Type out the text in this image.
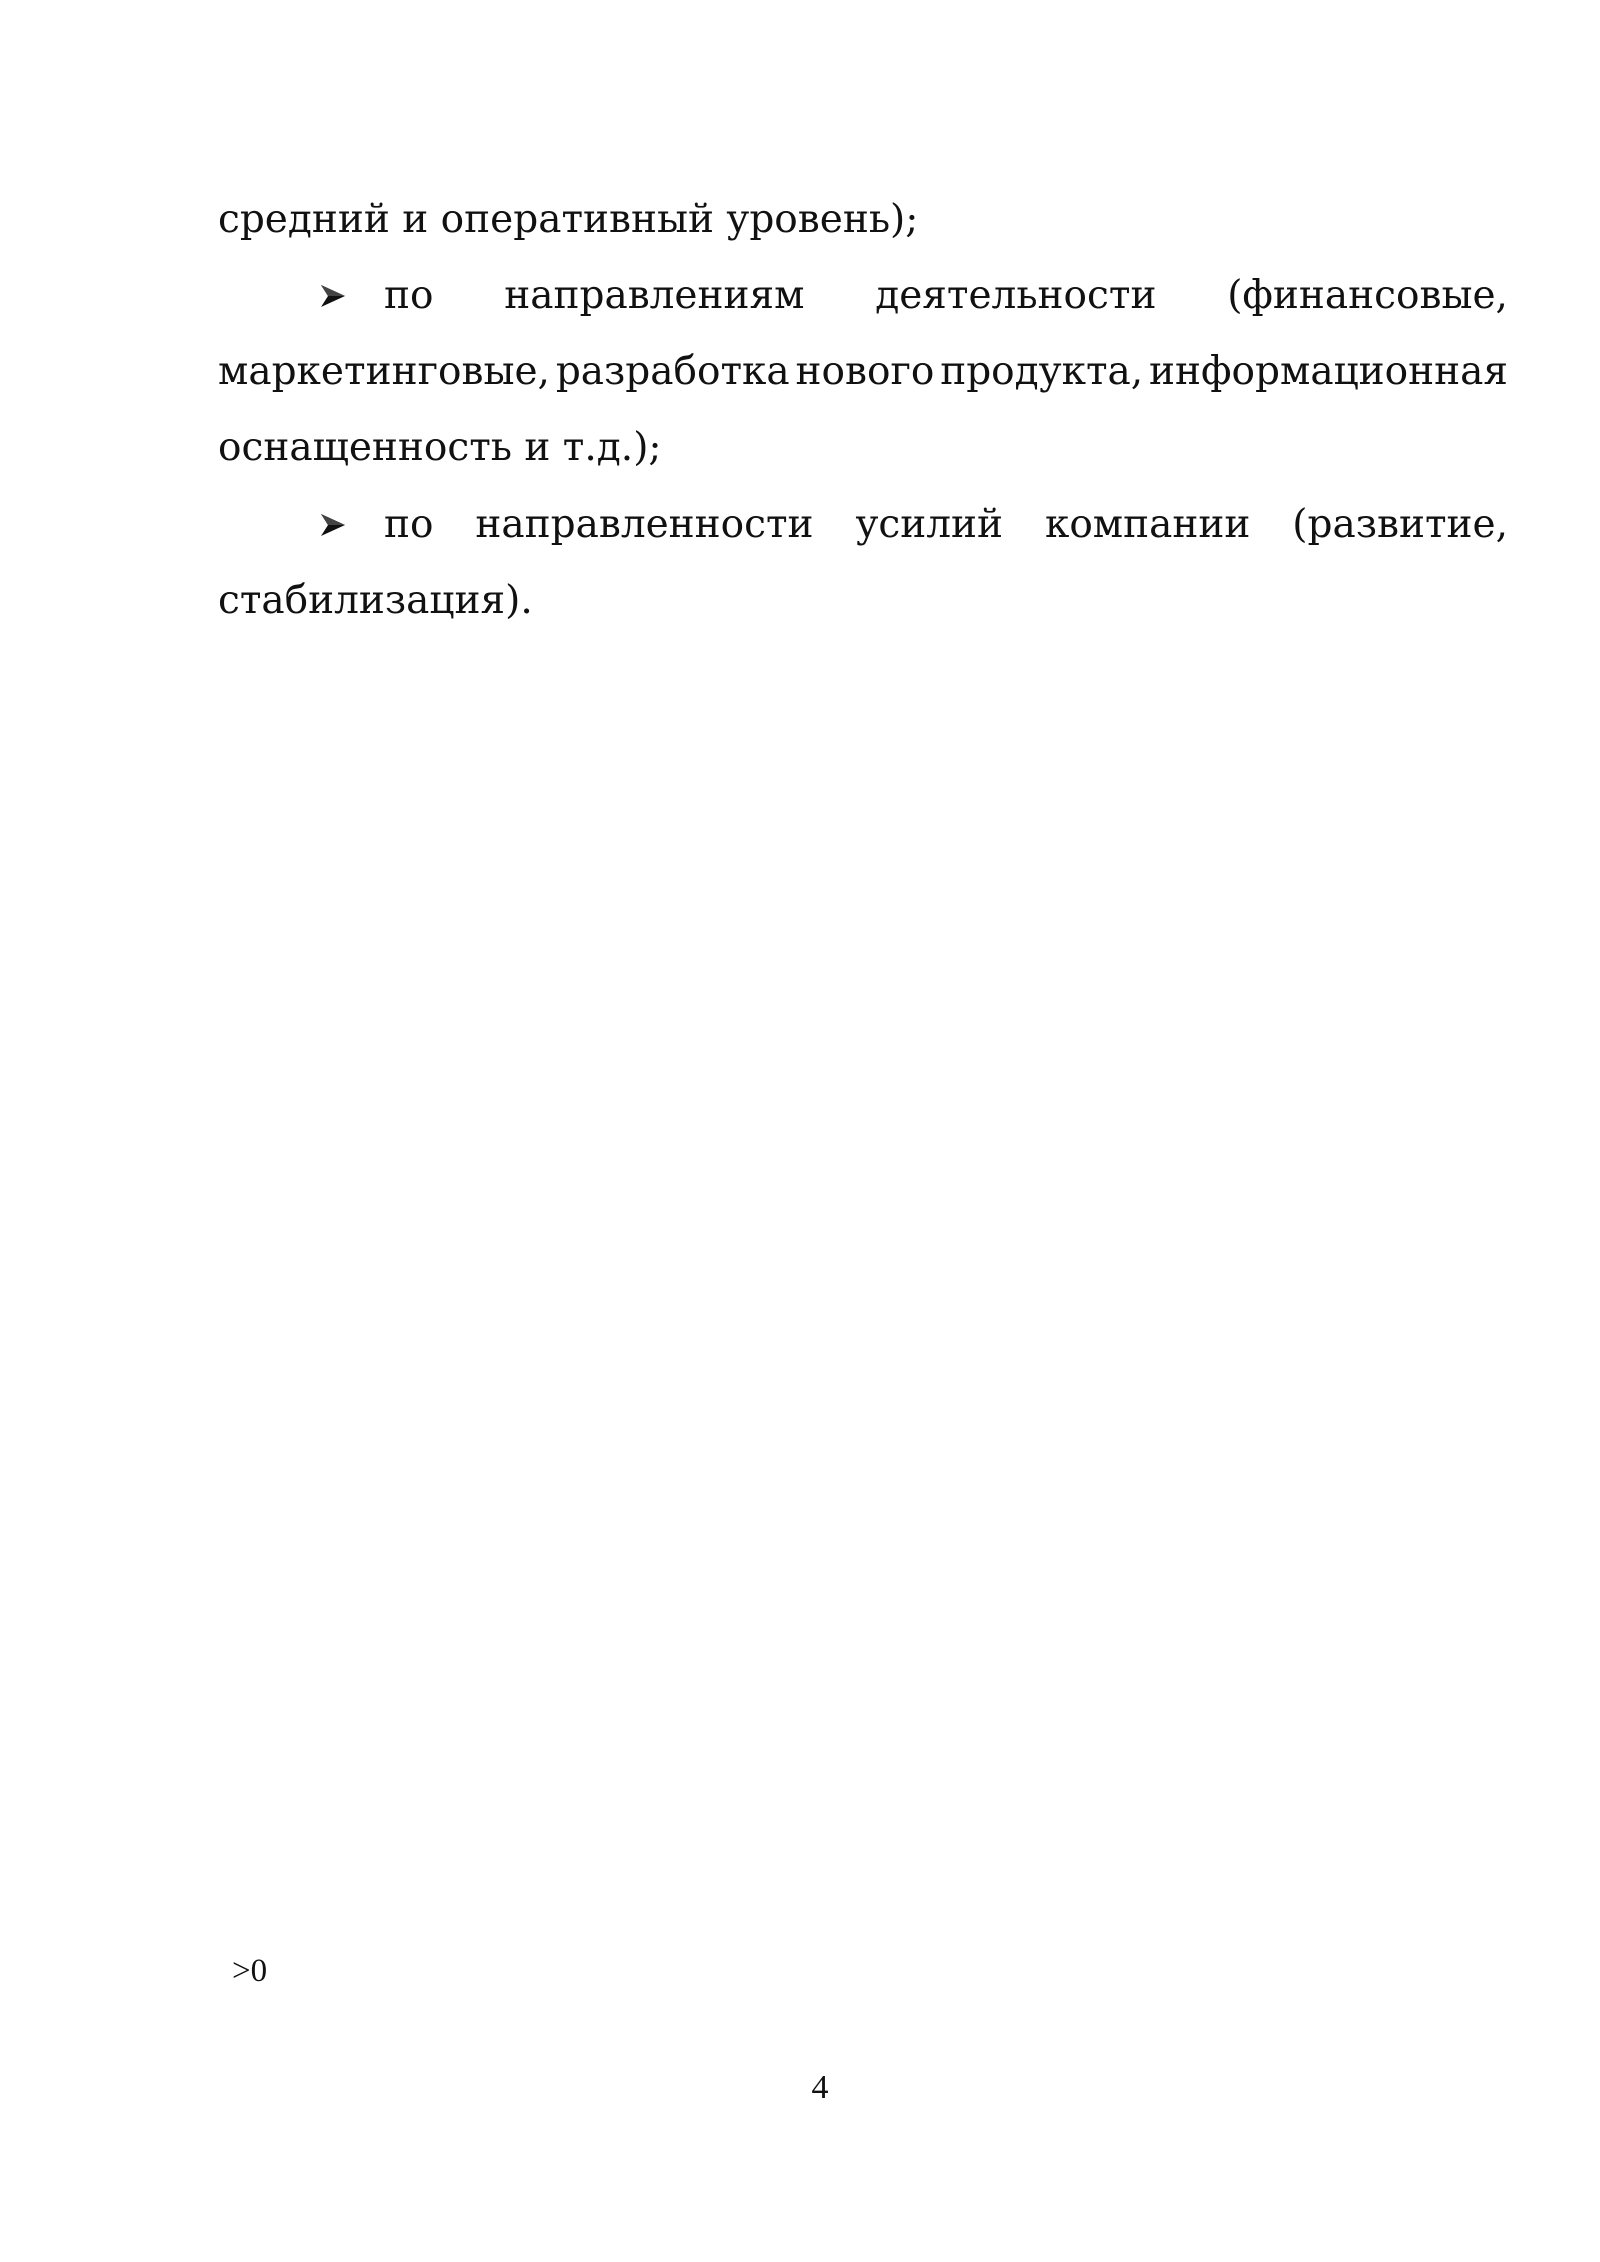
средний и оперативный уровень);
по направлениям деятельности (финансовые,
маркетинговые, разработка нового продукта, информационная
оснащенность и т.д.);
по направленности усилий компании (развитие,
стабилизация).
>0
4
